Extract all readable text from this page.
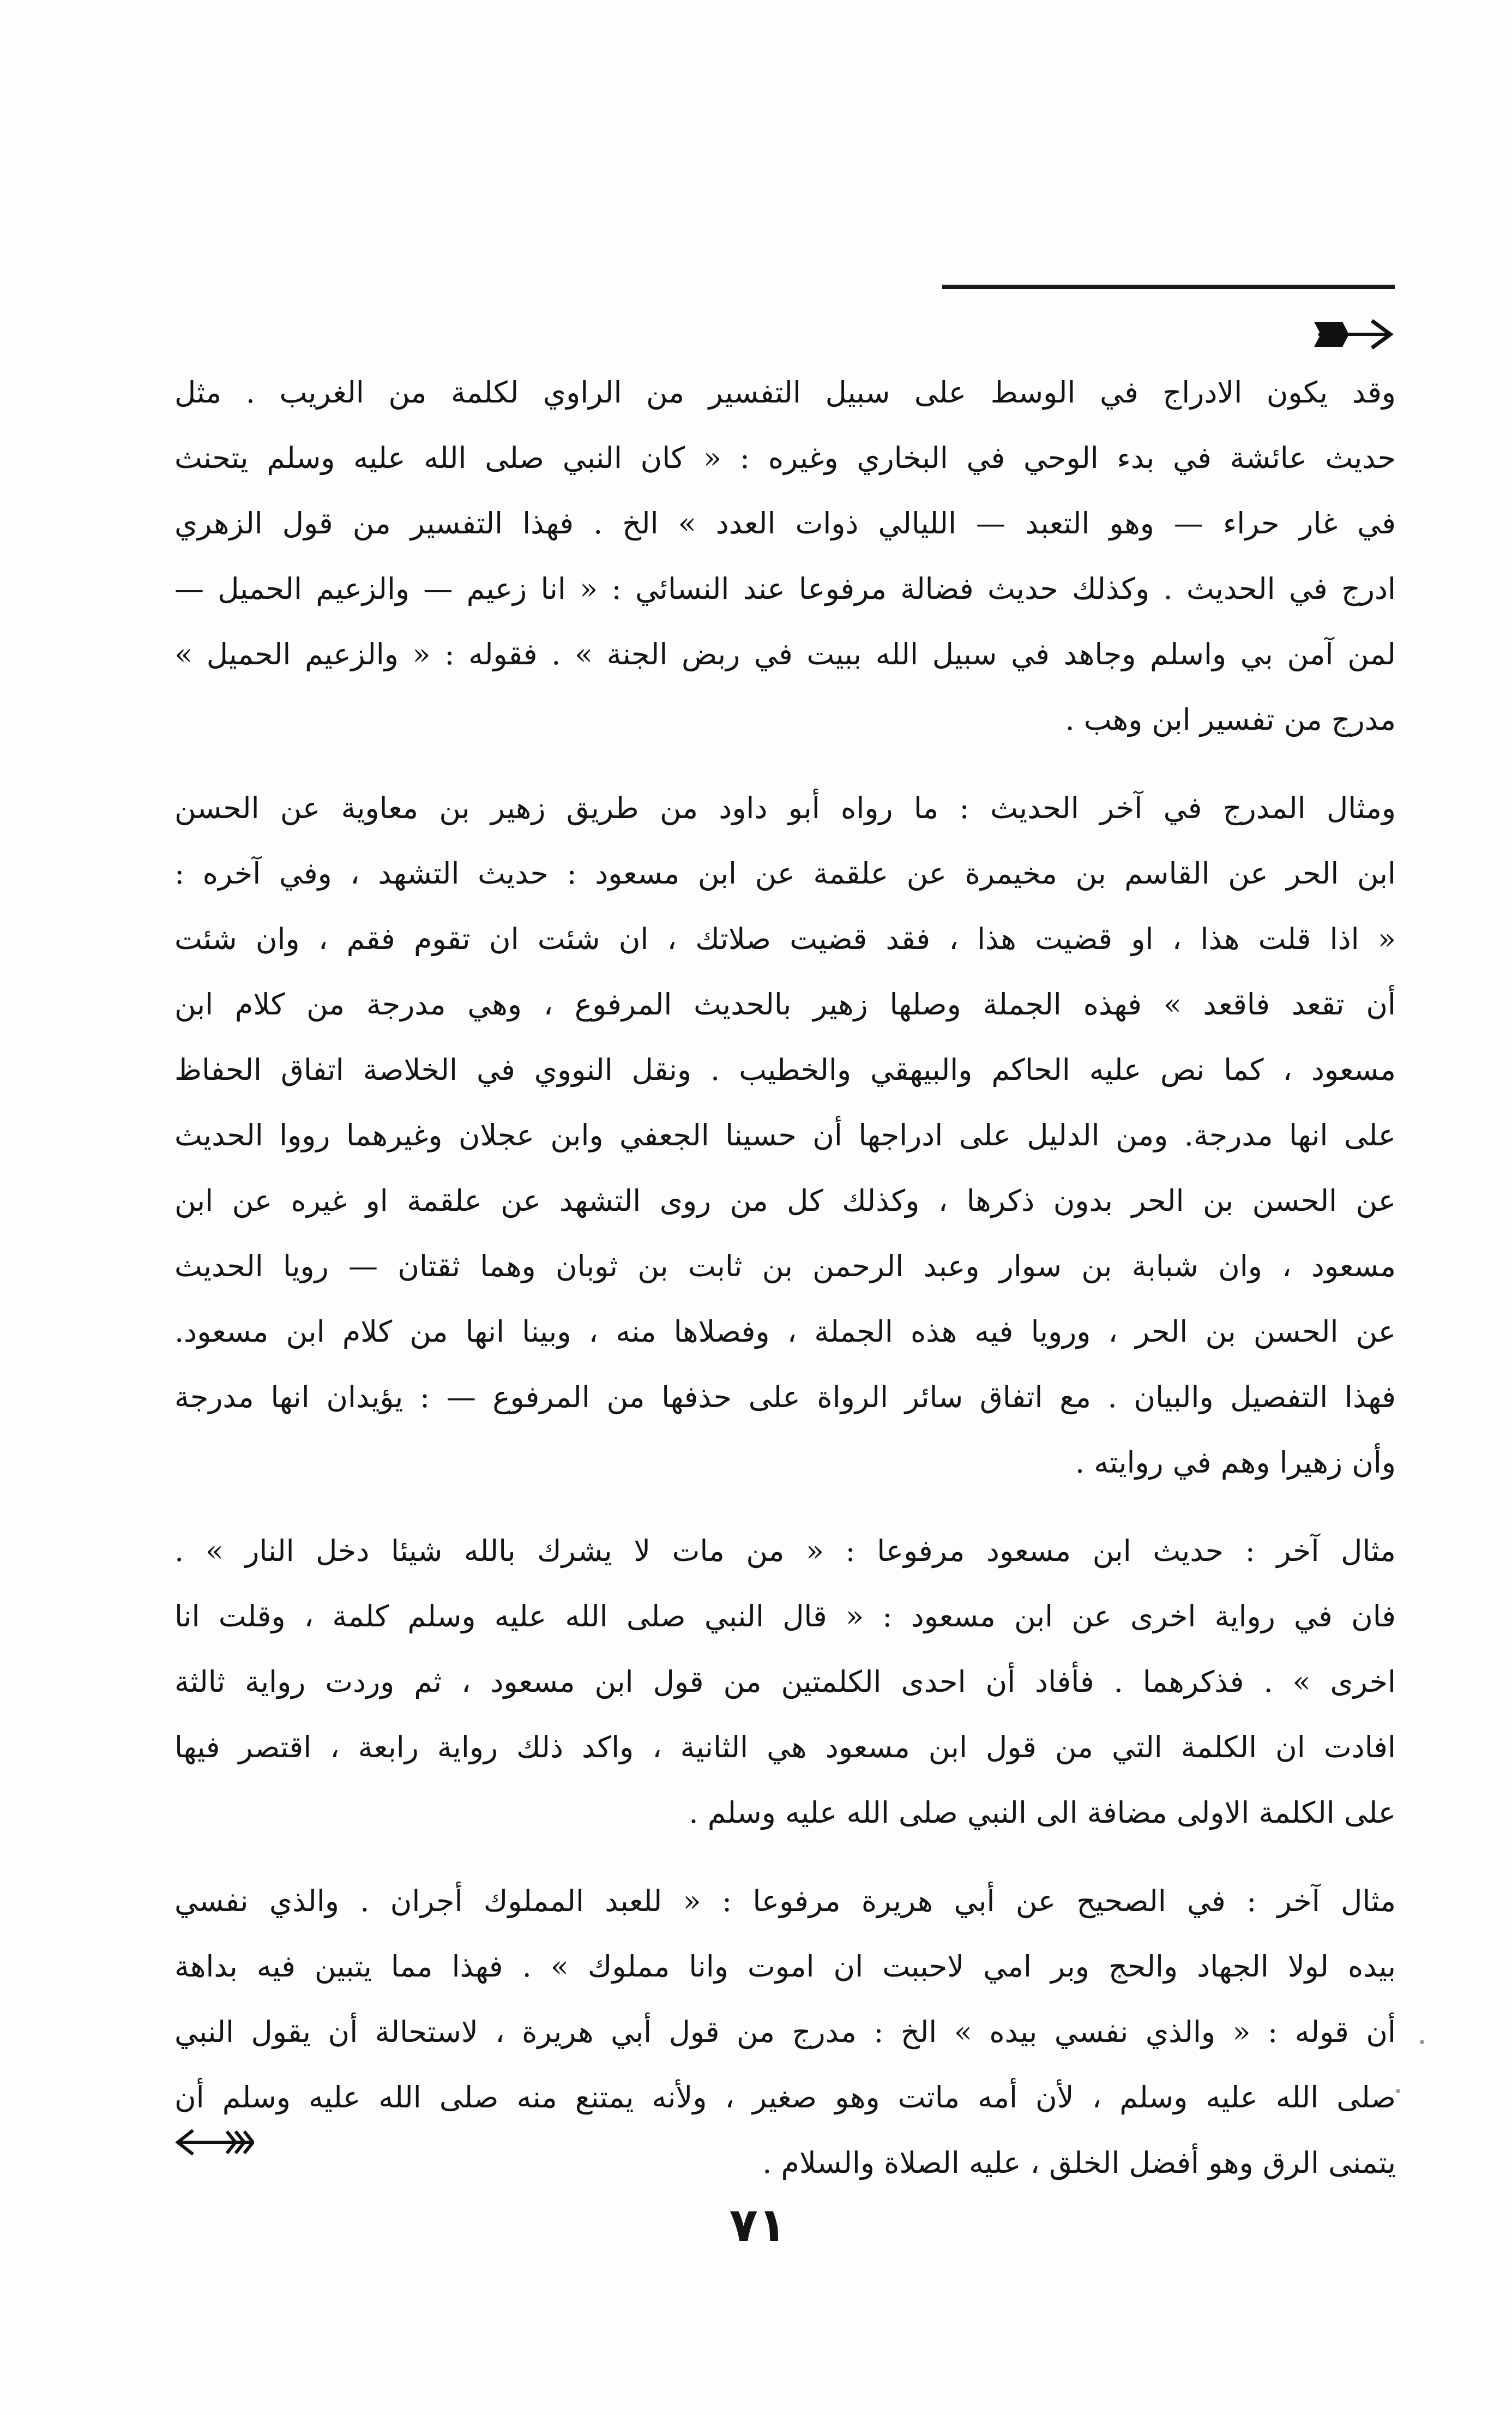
وقد يكون الادراج في الوسط على سبيل التفسير من الراوي لكلمة من الغريب . مثل
حديث عائشة في بدء الوحي في البخاري وغيره : « كان النبي صلى الله عليه وسلم يتحنث
في غار حراء — وهو التعبد — الليالي ذوات العدد » الخ . فهذا التفسير من قول الزهري
ادرج في الحديث . وكذلك حديث فضالة مرفوعا عند النسائي : « انا زعيم — والزعيم الحميل —
لمن آمن بي واسلم وجاهد في سبيل الله ببيت في ربض الجنة » . فقوله : « والزعيم الحميل »
مدرج من تفسير ابن وهب .
ومثال المدرج في آخر الحديث : ما رواه أبو داود من طريق زهير بن معاوية عن الحسن
ابن الحر عن القاسم بن مخيمرة عن علقمة عن ابن مسعود : حديث التشهد ، وفي آخره :
« اذا قلت هذا ، او قضيت هذا ، فقد قضيت صلاتك ، ان شئت ان تقوم فقم ، وان شئت
أن تقعد فاقعد » فهذه الجملة وصلها زهير بالحديث المرفوع ، وهي مدرجة من كلام ابن
مسعود ، كما نص عليه الحاكم والبيهقي والخطيب . ونقل النووي في الخلاصة اتفاق الحفاظ
على انها مدرجة. ومن الدليل على ادراجها أن حسينا الجعفي وابن عجلان وغيرهما رووا الحديث
عن الحسن بن الحر بدون ذكرها ، وكذلك كل من روى التشهد عن علقمة او غيره عن ابن
مسعود ، وان شبابة بن سوار وعبد الرحمن بن ثابت بن ثوبان وهما ثقتان — رويا الحديث
عن الحسن بن الحر ، ورويا فيه هذه الجملة ، وفصلاها منه ، وبينا انها من كلام ابن مسعود.
فهذا التفصيل والبيان . مع اتفاق سائر الرواة على حذفها من المرفوع — : يؤيدان انها مدرجة
وأن زهيرا وهم في روايته .
مثال آخر : حديث ابن مسعود مرفوعا : « من مات لا يشرك بالله شيئا دخل النار » .
فان في رواية اخرى عن ابن مسعود : « قال النبي صلى الله عليه وسلم كلمة ، وقلت انا
اخرى » . فذكرهما . فأفاد أن احدى الكلمتين من قول ابن مسعود ، ثم وردت رواية ثالثة
افادت ان الكلمة التي من قول ابن مسعود هي الثانية ، واكد ذلك رواية رابعة ، اقتصر فيها
على الكلمة الاولى مضافة الى النبي صلى الله عليه وسلم .
مثال آخر : في الصحيح عن أبي هريرة مرفوعا : « للعبد المملوك أجران . والذي نفسي
بيده لولا الجهاد والحج وبر امي لاحببت ان اموت وانا مملوك » . فهذا مما يتبين فيه بداهة
أن قوله : « والذي نفسي بيده » الخ : مدرج من قول أبي هريرة ، لاستحالة أن يقول النبي
صلى الله عليه وسلم ، لأن أمه ماتت وهو صغير ، ولأنه يمتنع منه صلى الله عليه وسلم أن
يتمنى الرق وهو أفضل الخلق ، عليه الصلاة والسلام .
٧١
